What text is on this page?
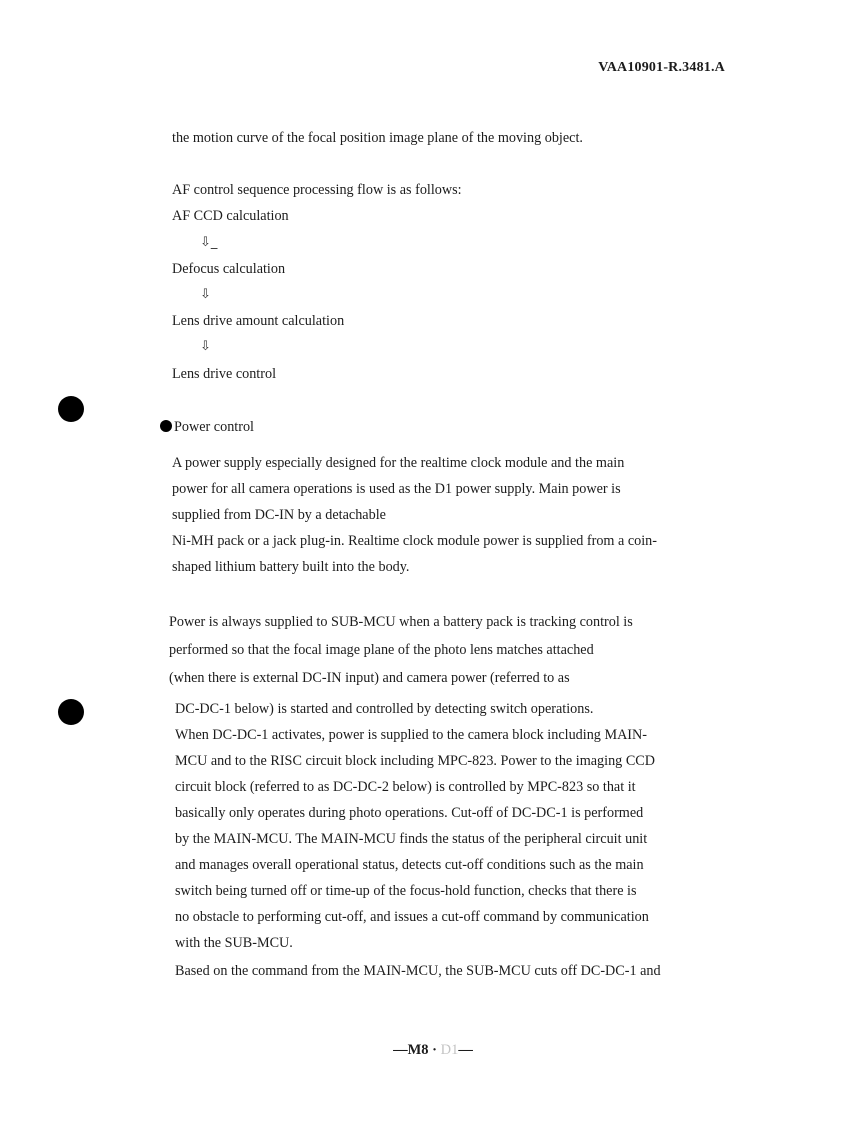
VAA10901-R.3481.A
the motion curve of the focal position image plane of the moving object.
AF control sequence processing flow is as follows:
AF CCD calculation
⇩_
Defocus calculation
⇩
Lens drive amount calculation
⇩
Lens drive control
Power control
A power supply especially designed for the realtime clock module and the main
power for all camera operations is used as the D1 power supply. Main power is
supplied from DC-IN by a detachable
Ni-MH pack or a jack plug-in. Realtime clock module power is supplied from a coin-
shaped lithium battery built into the body.
Power is always supplied to SUB-MCU when a battery pack is tracking control is
performed so that the focal image plane of the photo lens matches attached
(when there is external DC-IN input) and camera power (referred to as
DC-DC-1 below) is started and controlled by detecting switch operations.
When DC-DC-1 activates, power is supplied to the camera block including MAIN-
MCU and to the RISC circuit block including MPC-823. Power to the imaging CCD
circuit block (referred to as DC-DC-2 below) is controlled by MPC-823 so that it
basically only operates during photo operations. Cut-off of DC-DC-1 is performed
by the MAIN-MCU. The MAIN-MCU finds the status of the peripheral circuit unit
and manages overall operational status, detects cut-off conditions such as the main
switch being turned off or time-up of the focus-hold function, checks that there is
no obstacle to performing cut-off, and issues a cut-off command by communication
with the SUB-MCU.
Based on the command from the MAIN-MCU, the SUB-MCU cuts off DC-DC-1 and
—M8 · D1—
